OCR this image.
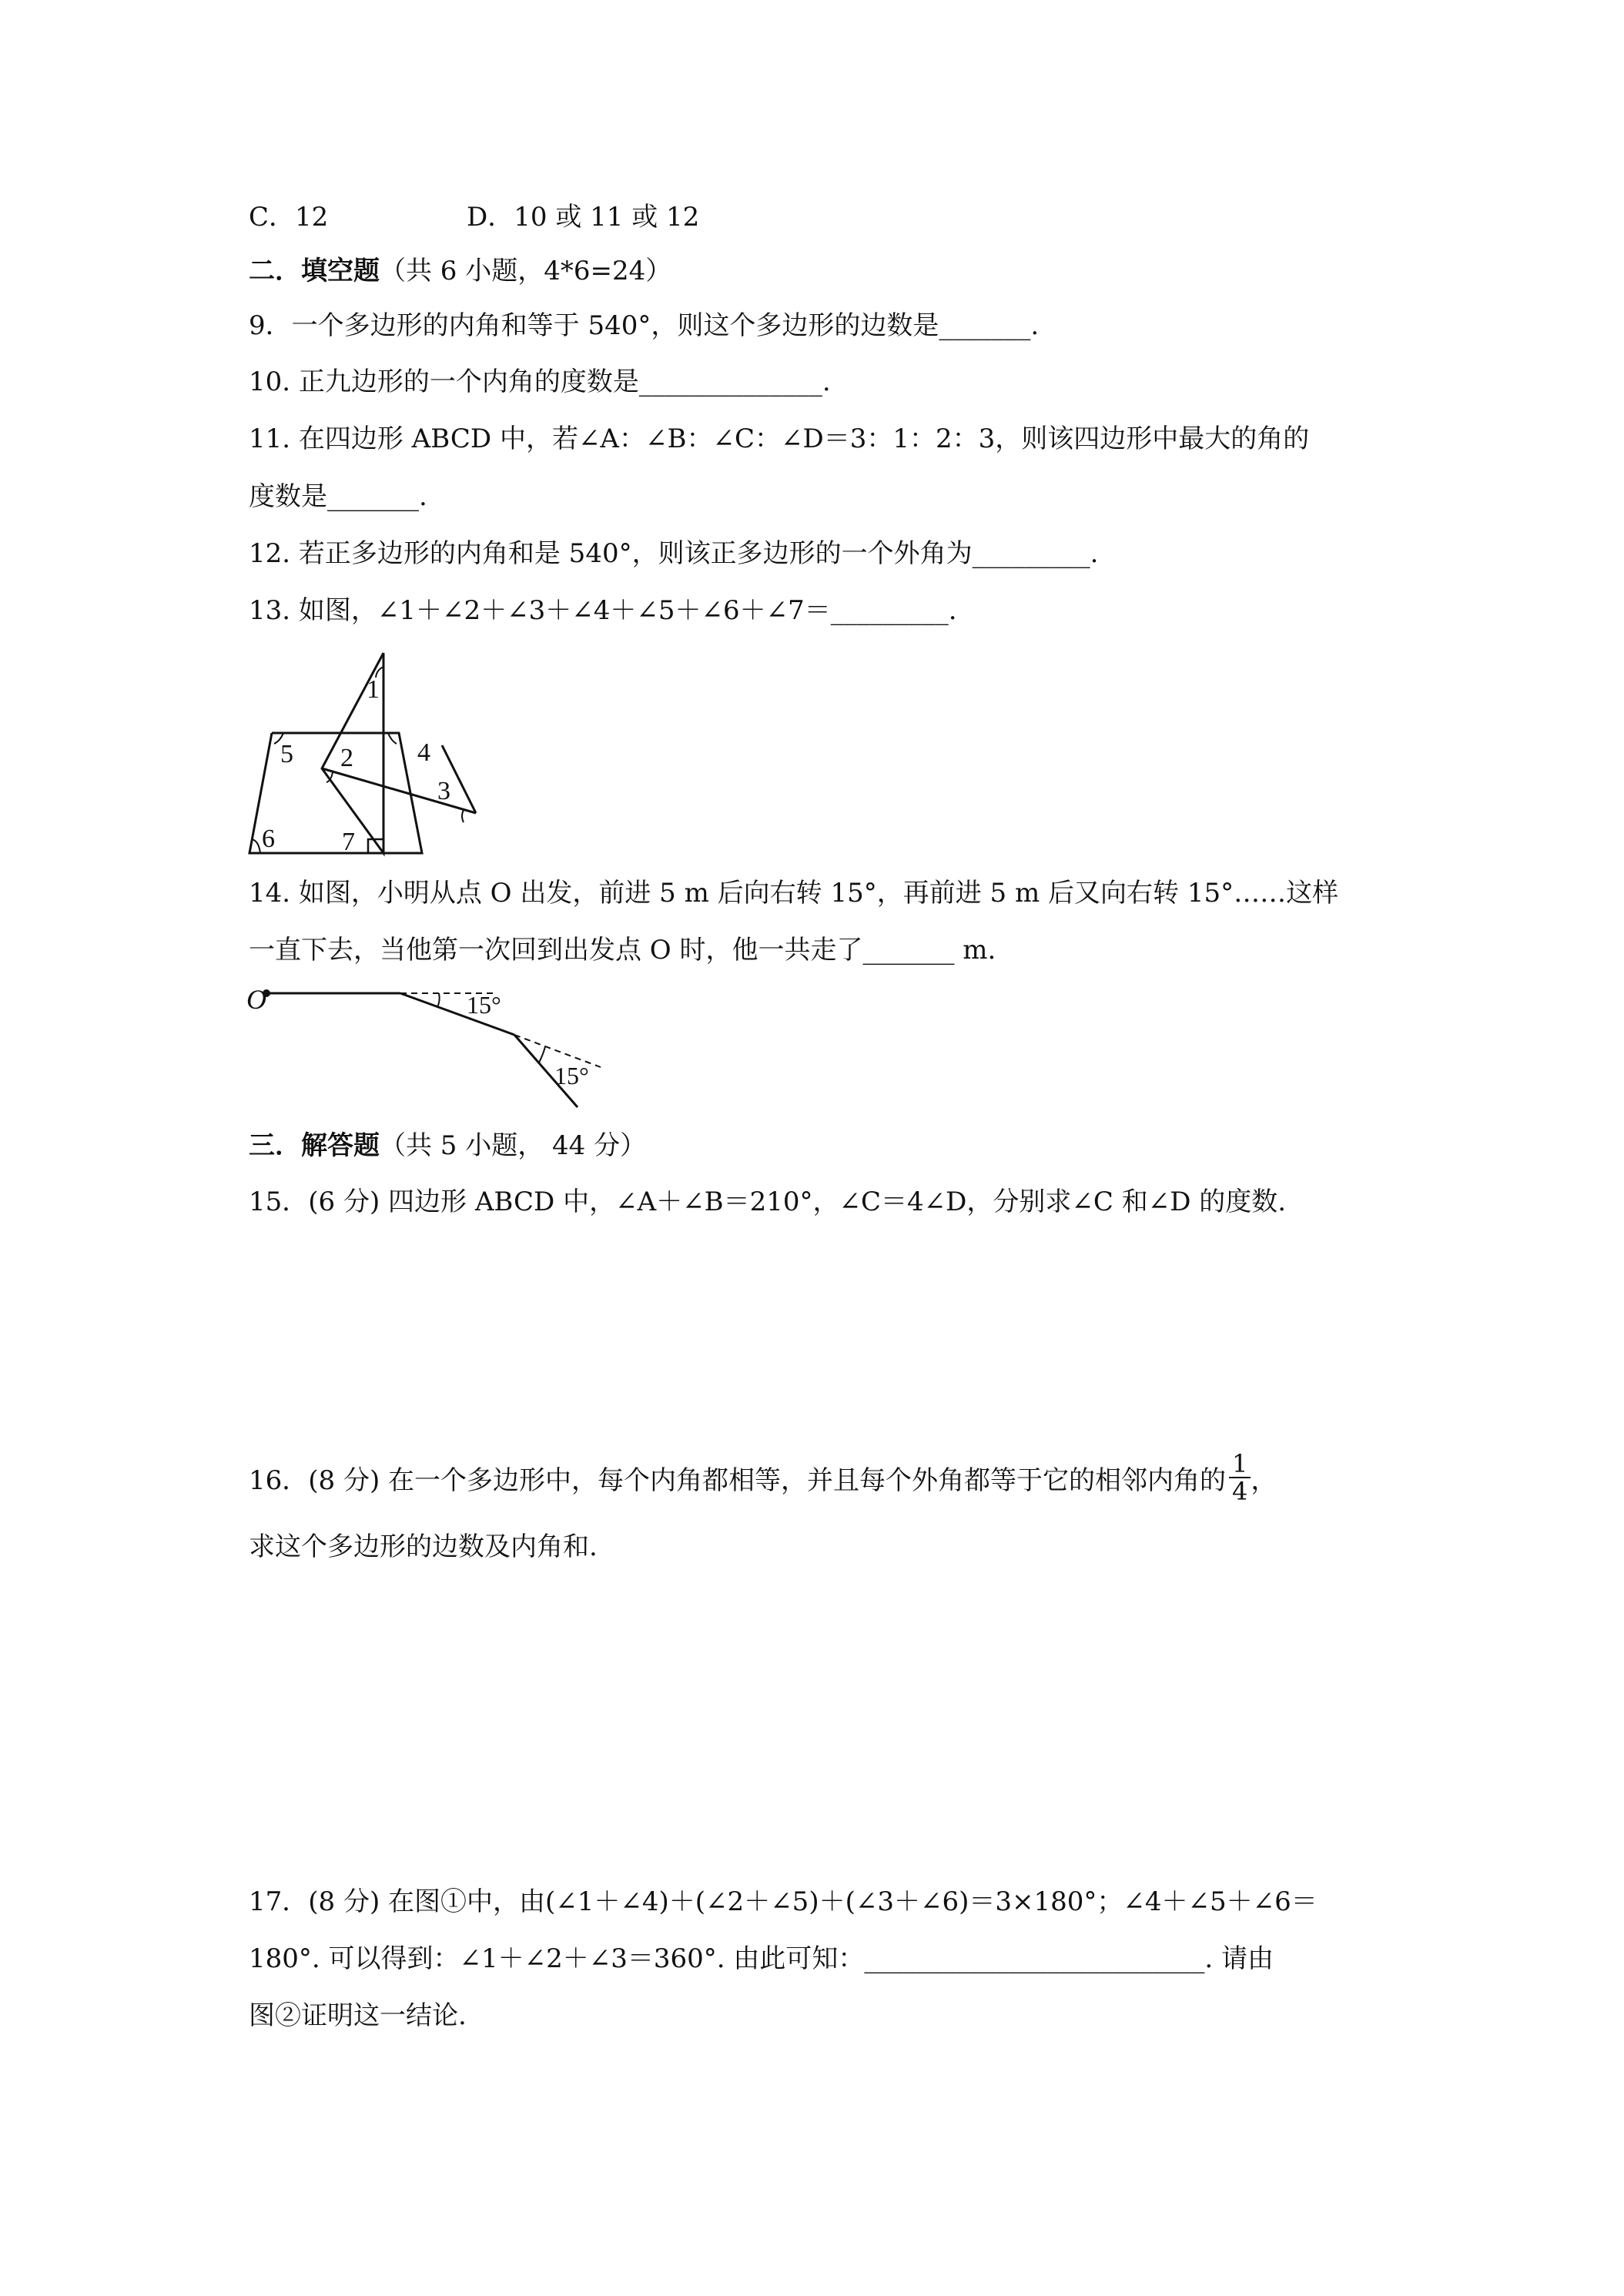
C．12	D．10 或 11 或 12
二．填空题（共 6 小题，4*6=24）
9．一个多边形的内角和等于 540°，则这个多边形的边数是_______.
10. 正九边形的一个内角的度数是______________.
11. 在四边形 ABCD 中，若∠A：∠B：∠C：∠D＝3：1：2：3，则该四边形中最大的角的
度数是_______.
12. 若正多边形的内角和是 540°，则该正多边形的一个外角为_________.
13. 如图，∠1＋∠2＋∠3＋∠4＋∠5＋∠6＋∠7＝_________.
1
2
3
4
5
6	7
14. 如图，小明从点 O 出发，前进 5 m 后向右转 15°，再前进 5 m 后又向右转 15°……这样
一直下去，当他第一次回到出发点 O 时，他一共走了_______ m.
O	15°
15°
三．解答题（共 5 小题， 44 分）
15．(6 分) 四边形 ABCD 中，∠A＋∠B＝210°，∠C＝4∠D，分别求∠C 和∠D 的度数.
16．(8 分) 在一个多边形中，每个内角都相等，并且每个外角都等于它的相邻内角的 $\frac{1}{4}$ ，
求这个多边形的边数及内角和.
17．(8 分) 在图①中，由(∠1＋∠4)＋(∠2＋∠5)＋(∠3＋∠6)＝3×180°；∠4＋∠5＋∠6＝
180°. 可以得到：∠1＋∠2＋∠3＝360°. 由此可知：__________________________. 请由
图②证明这一结论.
